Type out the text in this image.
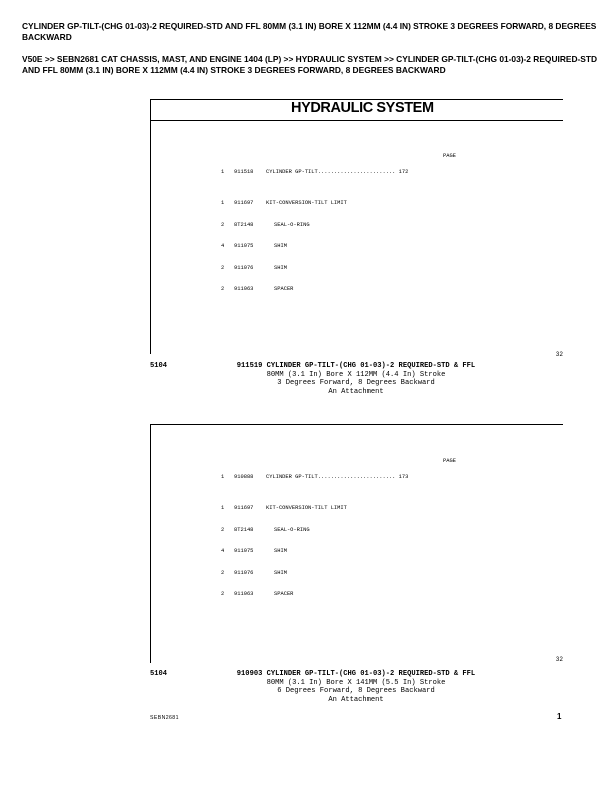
CYLINDER GP-TILT-(CHG 01-03)-2 REQUIRED-STD AND FFL 80MM (3.1 IN) BORE X 112MM (4.4 IN) STROKE 3 DEGREES FORWARD, 8 DEGREES BACKWARD

V50E >> SEBN2681 CAT CHASSIS, MAST, AND ENGINE 1404 (LP) >> HYDRAULIC SYSTEM >> CYLINDER GP-TILT-(CHG 01-03)-2 REQUIRED-STD AND FFL 80MM (3.1 IN) BORE X 112MM (4.4 IN) STROKE 3 DEGREES FORWARD, 8 DEGREES BACKWARD

HYDRAULIC SYSTEM
PAGE
1 911518 CYLINDER GP-TILT........................ 172

1 911697 KIT-CONVERSION-TILT LIMIT

2 8T2148	SEAL-O-RING

4 911075	SHIM

2 911076	SHIM

2 911063	SPACER

32
5104	911519 CYLINDER GP-TILT-(CHG 01-03)-2 REQUIRED-STD & FFL
80MM (3.1 In) Bore X 112MM (4.4 In) Stroke
3 Degrees Forward, 8 Degrees Backward
An Attachment
PAGE
1 910888 CYLINDER GP-TILT........................ 173

1 911697 KIT-CONVERSION-TILT LIMIT

2 8T2148	SEAL-O-RING

4 911075	SHIM

2 911076	SHIM

2 911063	SPACER

32
5104	910903 CYLINDER GP-TILT-(CHG 01-03)-2 REQUIRED-STD & FFL
80MM (3.1 In) Bore X 141MM (5.5 In) Stroke
6 Degrees Forward, 8 Degrees Backward
An Attachment
SEBN2681	1
